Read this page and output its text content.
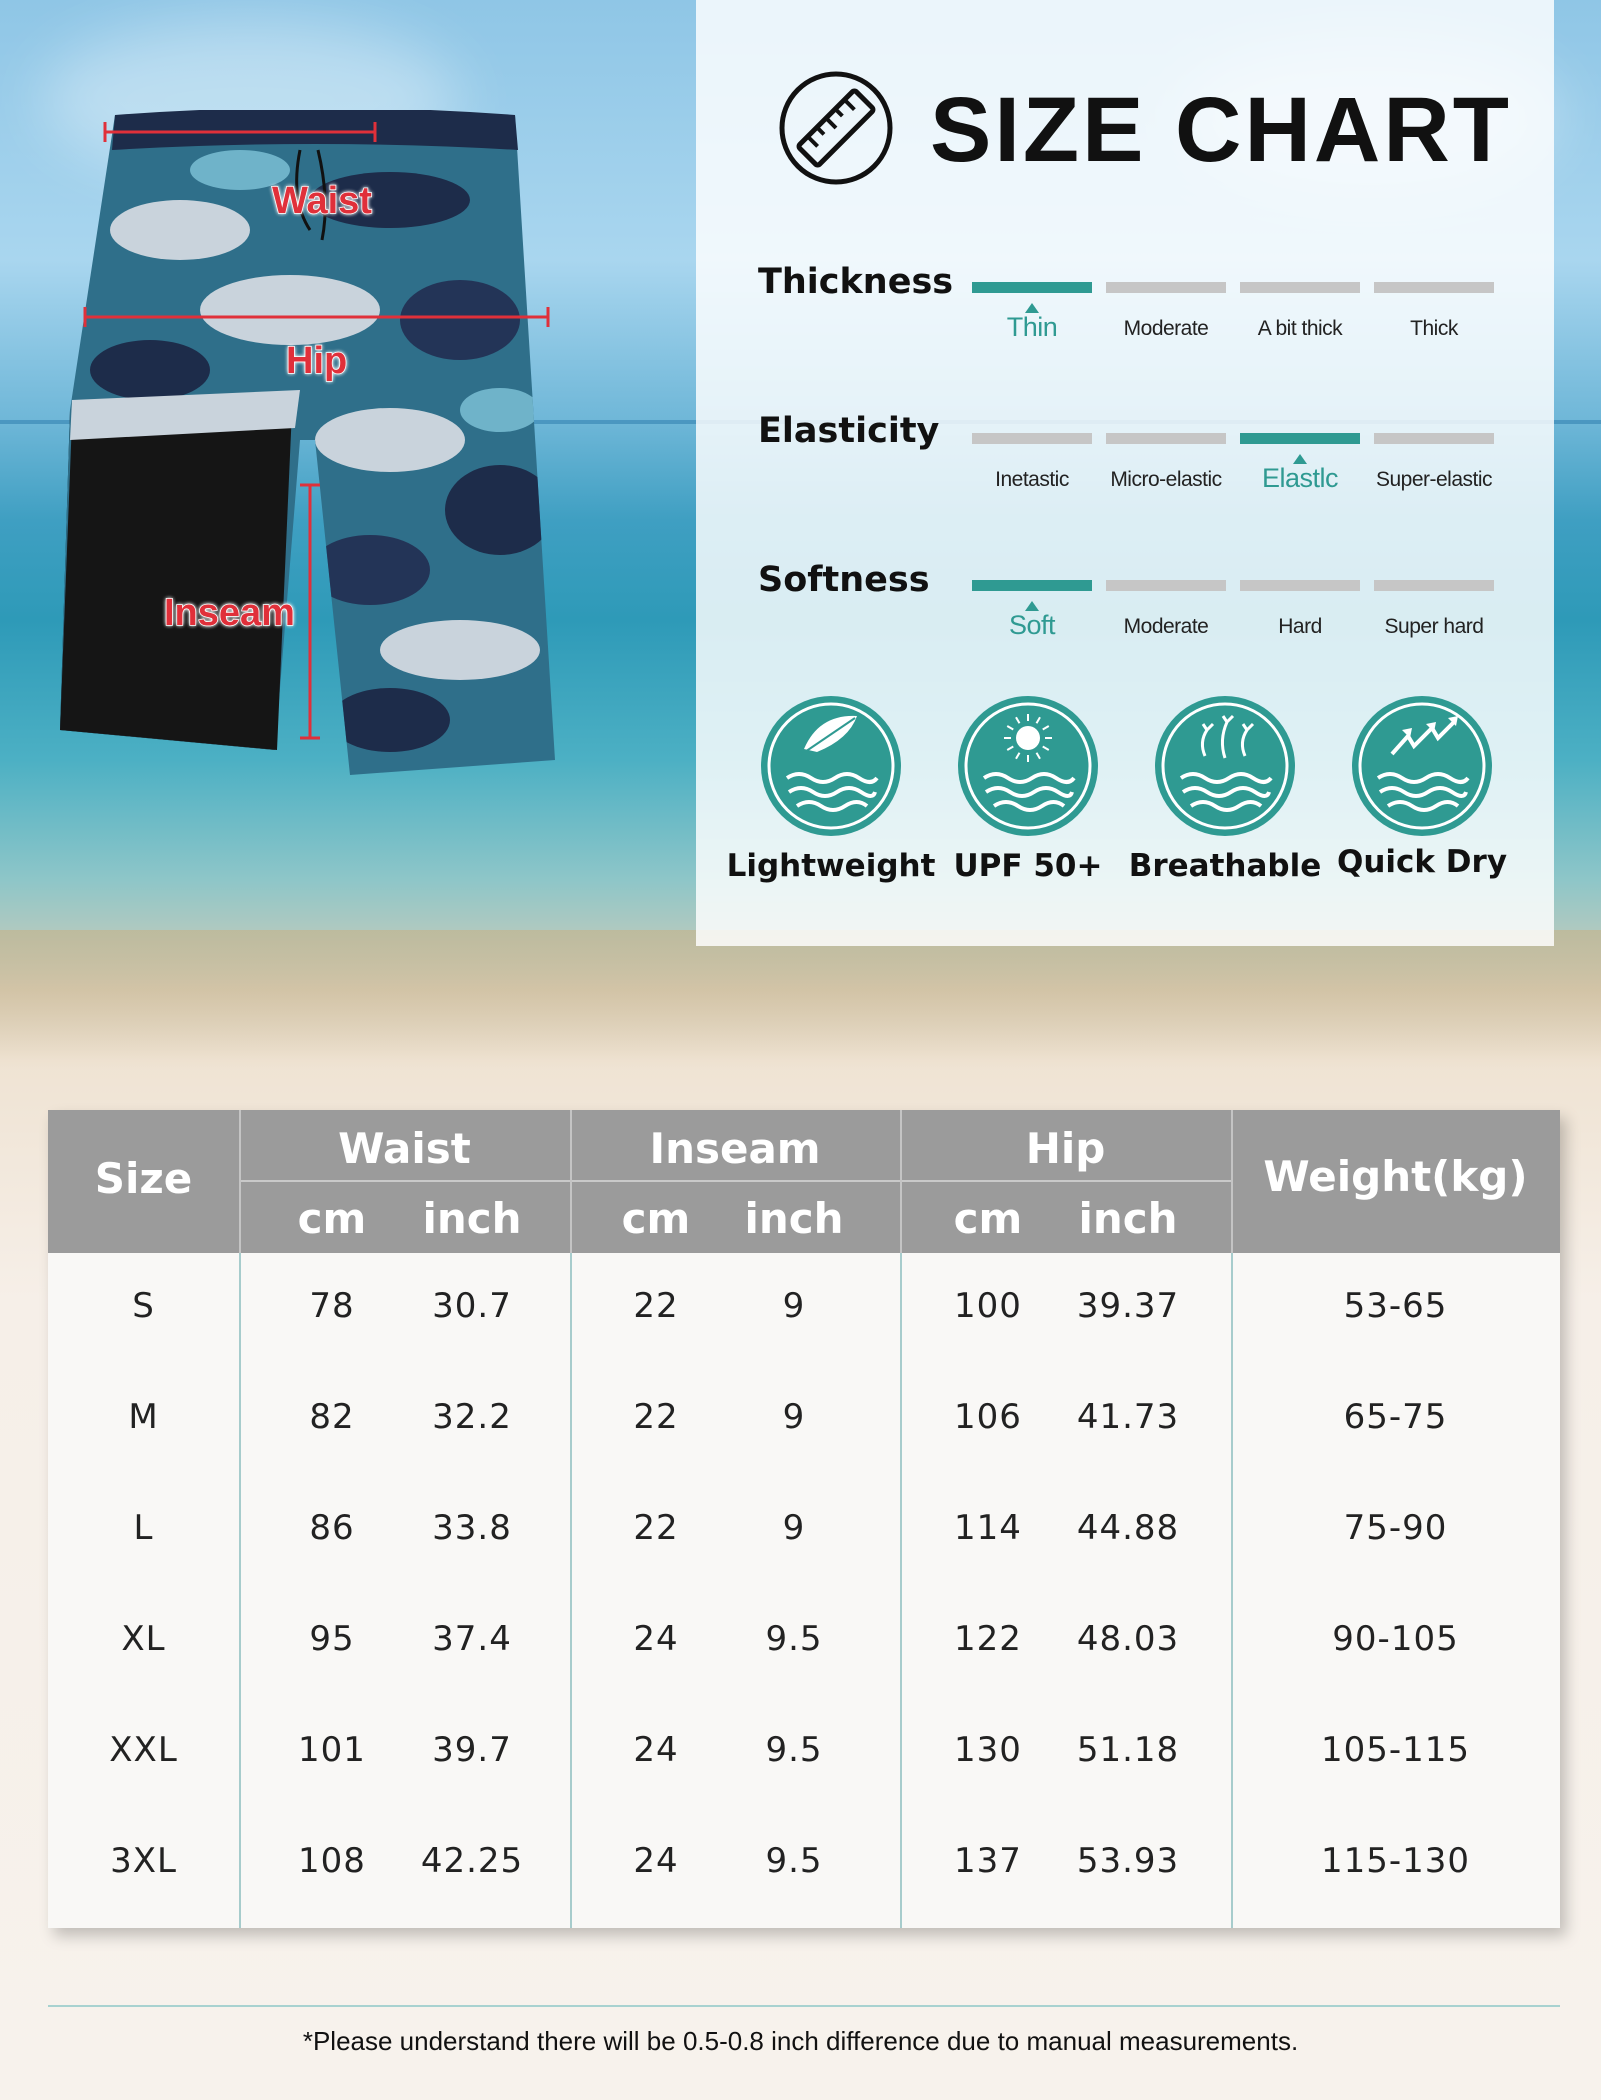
Waist
Hip
Inseam
SIZE CHART
Thickness
Thin	Moderate	A bit thick	Thick
Elasticity
Inetastic	Micro-elastic	Elastlc	Super-elastic
Softness
Soft	Moderate	Hard	Super hard
Lightweight UPF 50+ Breathable Quick Dry
Size
Waist
cm	inch
Inseam
cm	inch
Hip
cm	inch
Weight(kg)
S	78	30.7	22	9	100	39.37	53-65
M	82	32.2	22	9	106	41.73	65-75
L	86	33.8	22	9	114	44.88	75-90
XL	95	37.4	24	9.5	122	48.03	90-105
XXL	101	39.7	24	9.5	130	51.18	105-115
3XL	108	42.25	24	9.5	137	53.93	115-130
*Please understand there will be 0.5-0.8 inch difference due to manual measurements.
